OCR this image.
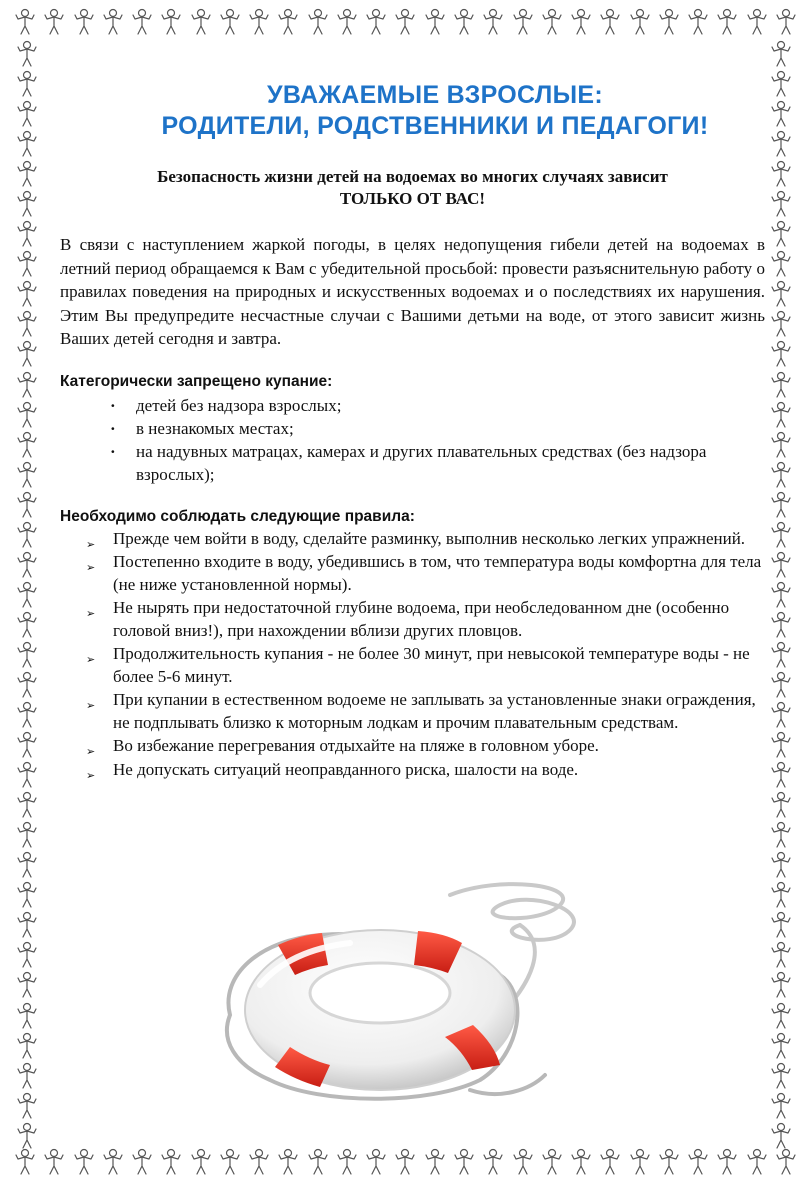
УВАЖАЕМЫЕ ВЗРОСЛЫЕ:
РОДИТЕЛИ, РОДСТВЕННИКИ И ПЕДАГОГИ!
Безопасность жизни детей на водоемах во многих случаях зависит
ТОЛЬКО ОТ ВАС!

В связи с наступлением жаркой погоды, в целях недопущения гибели детей на водоемах в летний период обращаемся к Вам с убедительной просьбой: провести разъяснительную работу о правилах поведения на природных и искусственных водоемах и о последствиях их нарушения. Этим Вы предупредите несчастные случаи с Вашими детьми на воде, от этого зависит жизнь Ваших детей сегодня и завтра.

Категорически запрещено купание:

· детей без надзора взрослых;
· в незнакомых местах;
· на надувных матрацах, камерах и других плавательных средствах (без надзора взрослых);

Необходимо соблюдать следующие правила:

➢ Прежде чем войти в воду, сделайте разминку, выполнив несколько легких упражнений.
➢ Постепенно входите в воду, убедившись в том, что температура воды комфортна для тела (не ниже установленной нормы).
➢ Не нырять при недостаточной глубине водоема, при необследованном дне (особенно головой вниз!), при нахождении вблизи других пловцов.
➢ Продолжительность купания - не более 30 минут, при невысокой температуре воды - не более 5-6 минут.
➢ При купании в естественном водоеме не заплывать за установленные знаки ограждения, не подплывать близко к моторным лодкам и прочим плавательным средствам.
➢ Во избежание перегревания отдыхайте на пляже в головном уборе.
➢ Не допускать ситуаций неоправданного риска, шалости на воде.
